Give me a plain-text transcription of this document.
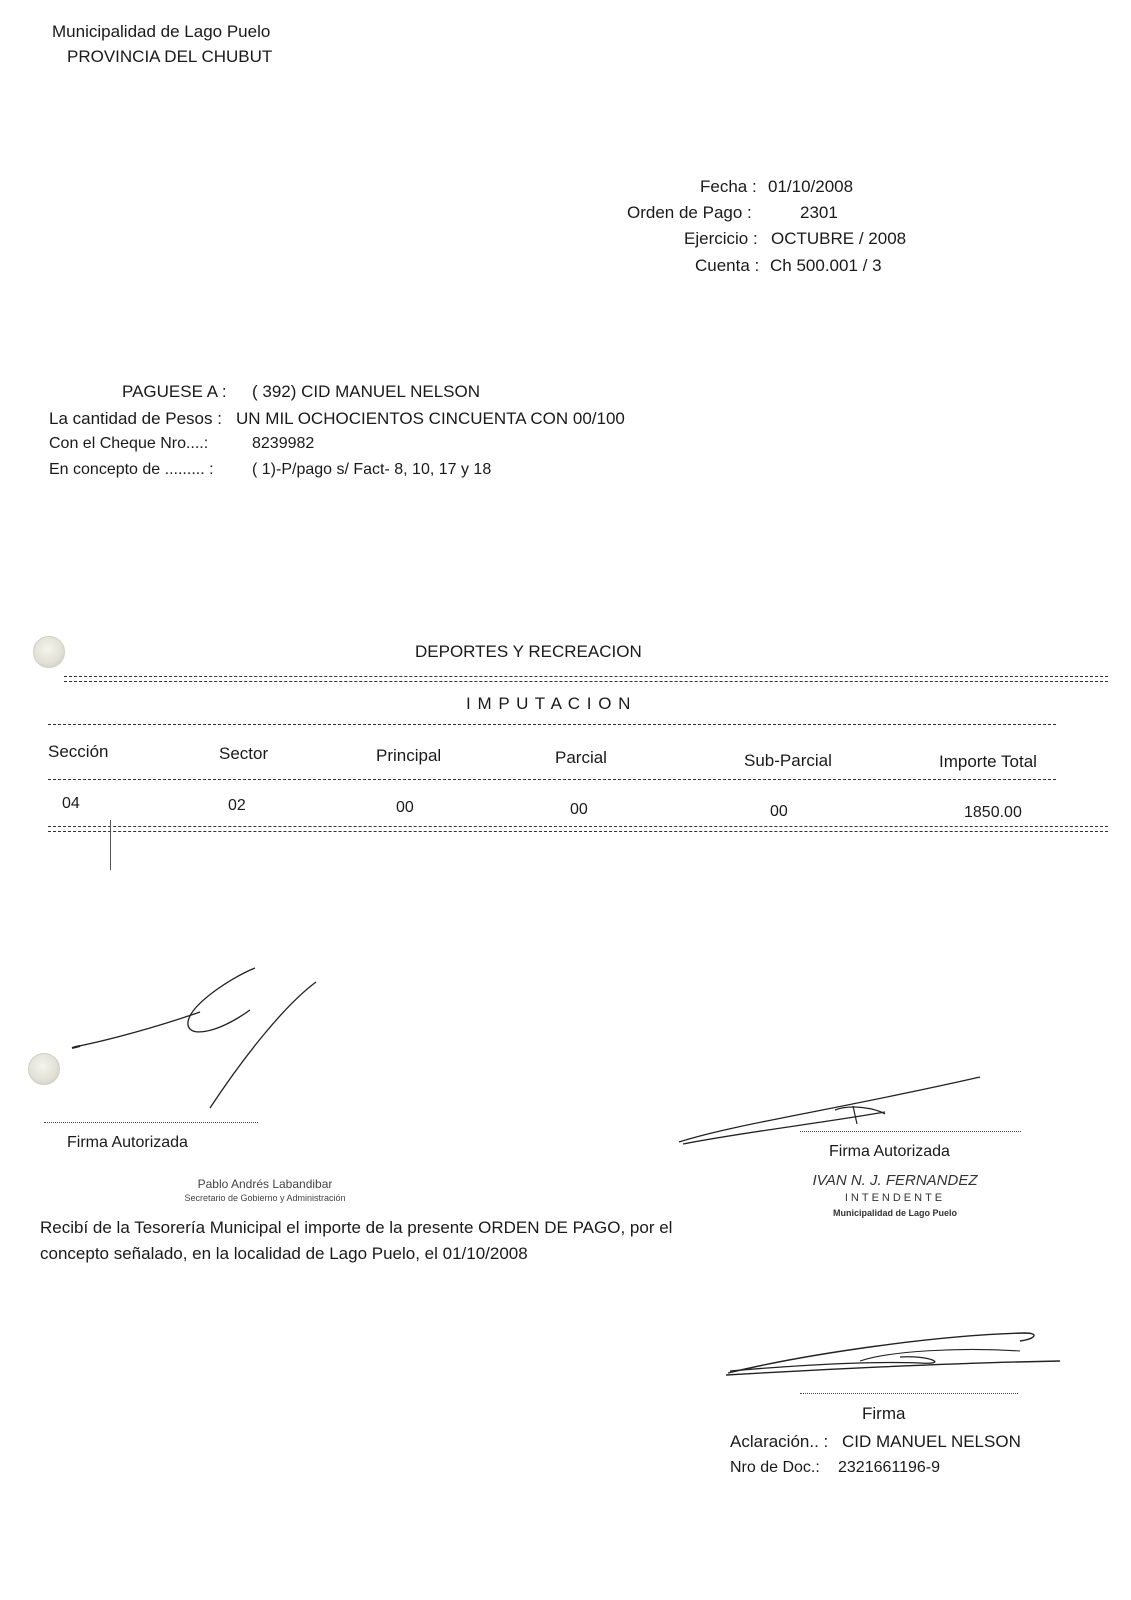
Municipalidad de Lago Puelo
PROVINCIA DEL CHUBUT
Fecha : 01/10/2008
Orden de Pago :	2301
Ejercicio : OCTUBRE / 2008
Cuenta : Ch 500.001 / 3
PAGUESE A : ( 392) CID MANUEL NELSON
La cantidad de Pesos : UN MIL OCHOCIENTOS CINCUENTA CON 00/100
Con el Cheque Nro....:	8239982
En concepto de ......... : ( 1)-P/pago s/ Fact- 8, 10, 17 y 18
DEPORTES Y RECREACION
I M P U T A C I O N
Sección	Sector	Principal	Parcial	Sub-Parcial	Importe Total
04	02	00	00	00	1850.00
Firma Autorizada
Pablo Andrés Labandibar
Secretario de Gobierno y Administración
Firma Autorizada
IVAN N. J. FERNANDEZ
INTENDENTE
Municipalidad de Lago Puelo
Recibí de la Tesorería Municipal el importe de la presente ORDEN DE PAGO, por el
concepto señalado, en la localidad de Lago Puelo, el 01/10/2008
Firma
Aclaración.. : CID MANUEL NELSON
Nro de Doc.: 2321661196-9
